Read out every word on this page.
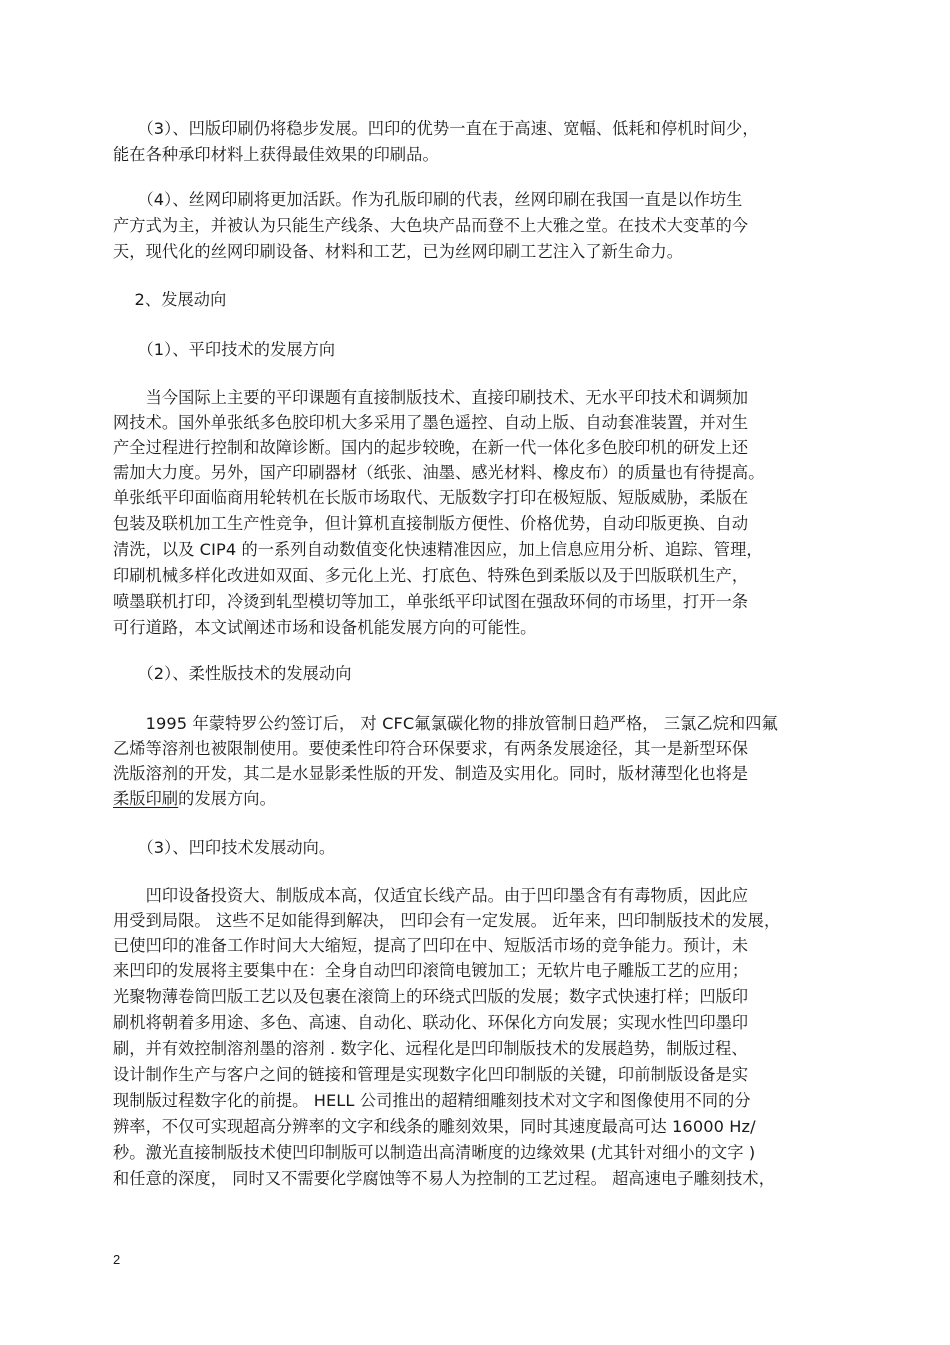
　　（3）、凹版印刷仍将稳步发展。凹印的优势一直在于高速、宽幅、低耗和停机时间少，
能在各种承印材料上获得最佳效果的印刷品。
　　（4）、丝网印刷将更加活跃。作为孔版印刷的代表，丝网印刷在我国一直是以作坊生
产方式为主，并被认为只能生产线条、大色块产品而登不上大雅之堂。在技术大变革的今
天，现代化的丝网印刷设备、材料和工艺，已为丝网印刷工艺注入了新生命力。
　 2、发展动向
　　（1）、平印技术的发展方向
　　当今国际上主要的平印课题有直接制版技术、直接印刷技术、无水平印技术和调频加
网技术。国外单张纸多色胶印机大多采用了墨色遥控、自动上版、自动套准装置，并对生
产全过程进行控制和故障诊断。国内的起步较晚，在新一代一体化多色胶印机的研发上还
需加大力度。另外，国产印刷器材（纸张、油墨、感光材料、橡皮布）的质量也有待提高。
单张纸平印面临商用轮转机在长版市场取代、无版数字打印在极短版、短版威胁，柔版在
包装及联机加工生产性竞争，但计算机直接制版方便性、价格优势，自动印版更换、自动
清洗，以及 CIP4 的一系列自动数值变化快速精准因应，加上信息应用分析、追踪、管理，
印刷机械多样化改进如双面、多元化上光、打底色、特殊色到柔版以及于凹版联机生产，
喷墨联机打印，冷烫到轧型模切等加工，单张纸平印试图在强敌环伺的市场里，打开一条
可行道路，本文试阐述市场和设备机能发展方向的可能性。
　　（2）、柔性版技术的发展动向
　　1995 年蒙特罗公约签订后， 对 CFC氟氯碳化物的排放管制日趋严格， 三氯乙烷和四氟
乙烯等溶剂也被限制使用。要使柔性印符合环保要求，有两条发展途径，其一是新型环保
洗版溶剂的开发，其二是水显影柔性版的开发、制造及实用化。同时，版材薄型化也将是
柔版印刷的发展方向。
　　（3）、凹印技术发展动向。
　　凹印设备投资大、制版成本高，仅适宜长线产品。由于凹印墨含有有毒物质，因此应
用受到局限。 这些不足如能得到解决， 凹印会有一定发展。 近年来，凹印制版技术的发展，
已使凹印的准备工作时间大大缩短，提高了凹印在中、短版活市场的竞争能力。预计，未
来凹印的发展将主要集中在：全身自动凹印滚筒电镀加工；无软片电子雕版工艺的应用；
光聚物薄卷筒凹版工艺以及包裹在滚筒上的环绕式凹版的发展；数字式快速打样；凹版印
刷机将朝着多用途、多色、高速、自动化、联动化、环保化方向发展；实现水性凹印墨印
刷，并有效控制溶剂墨的溶剂 . 数字化、远程化是凹印制版技术的发展趋势，制版过程、
设计制作生产与客户之间的链接和管理是实现数字化凹印制版的关键，印前制版设备是实
现制版过程数字化的前提。 HELL 公司推出的超精细雕刻技术对文字和图像使用不同的分
辨率，不仅可实现超高分辨率的文字和线条的雕刻效果，同时其速度最高可达 16000 Hz/
秒。激光直接制版技术使凹印制版可以制造出高清晰度的边缘效果 (尤其针对细小的文字 )
和任意的深度， 同时又不需要化学腐蚀等不易人为控制的工艺过程。 超高速电子雕刻技术，
2
